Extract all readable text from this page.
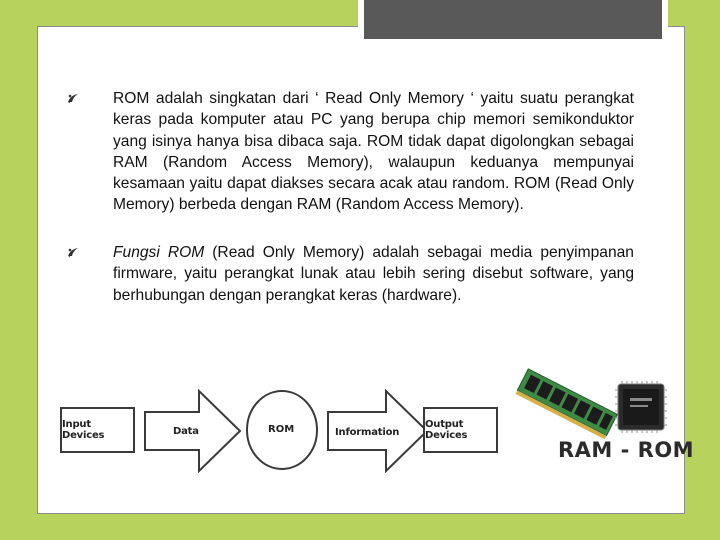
ROM adalah singkatan dari ‘ Read Only Memory ‘ yaitu suatu perangkat keras pada komputer atau PC yang berupa chip memori semikonduktor yang isinya hanya bisa dibaca saja. ROM tidak dapat digolongkan sebagai RAM (Random Access Memory), walaupun keduanya mempunyai kesamaan yaitu dapat diakses secara acak atau random. ROM (Read Only Memory) berbeda dengan RAM (Random Access Memory).
Fungsi ROM (Read Only Memory) adalah sebagai media penyimpanan firmware, yaitu perangkat lunak atau lebih sering disebut software, yang berhubungan dengan perangkat keras (hardware).
Input Devices	Data	ROM	Information
Output Devices
RAM - ROM
